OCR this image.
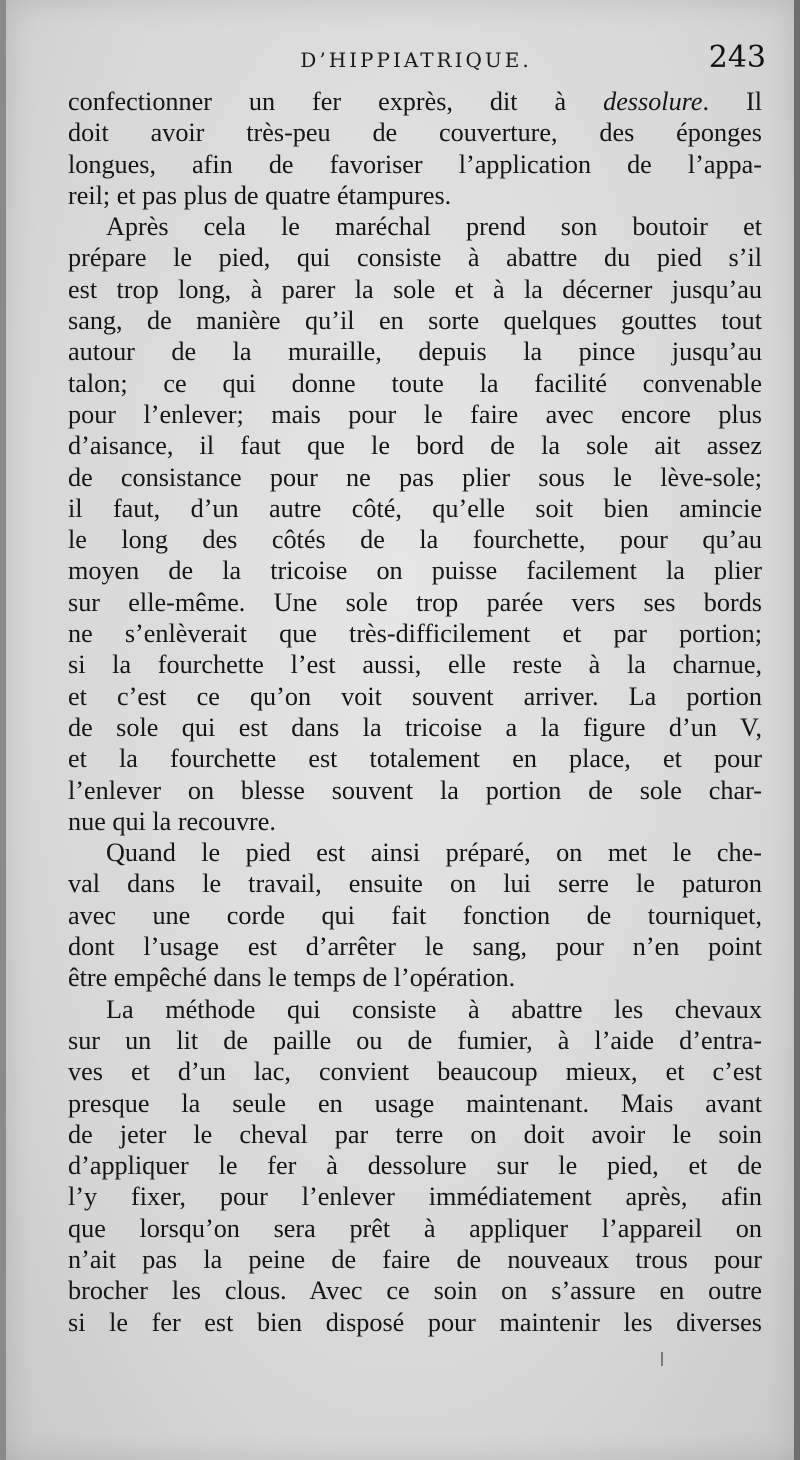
D’HIPPIATRIQUE.	243
confectionner un fer exprès, dit à dessolure. Il
doit avoir très-peu de couverture, des éponges
longues, afin de favoriser l’application de l’appa-
reil; et pas plus de quatre étampures.
Après cela le maréchal prend son boutoir et
prépare le pied, qui consiste à abattre du pied s’il
est trop long, à parer la sole et à la décerner jusqu’au
sang, de manière qu’il en sorte quelques gouttes tout
autour de la muraille, depuis la pince jusqu’au
talon; ce qui donne toute la facilité convenable
pour l’enlever; mais pour le faire avec encore plus
d’aisance, il faut que le bord de la sole ait assez
de consistance pour ne pas plier sous le lève-sole;
il faut, d’un autre côté, qu’elle soit bien amincie
le long des côtés de la fourchette, pour qu’au
moyen de la tricoise on puisse facilement la plier
sur elle-même. Une sole trop parée vers ses bords
ne s’enlèverait que très-difficilement et par portion;
si la fourchette l’est aussi, elle reste à la charnue,
et c’est ce qu’on voit souvent arriver. La portion
de sole qui est dans la tricoise a la figure d’un V,
et la fourchette est totalement en place, et pour
l’enlever on blesse souvent la portion de sole char-
nue qui la recouvre.
Quand le pied est ainsi préparé, on met le che-
val dans le travail, ensuite on lui serre le paturon
avec une corde qui fait fonction de tourniquet,
dont l’usage est d’arrêter le sang, pour n’en point
être empêché dans le temps de l’opération.
La méthode qui consiste à abattre les chevaux
sur un lit de paille ou de fumier, à l’aide d’entra-
ves et d’un lac, convient beaucoup mieux, et c’est
presque la seule en usage maintenant. Mais avant
de jeter le cheval par terre on doit avoir le soin
d’appliquer le fer à dessolure sur le pied, et de
l’y fixer, pour l’enlever immédiatement après, afin
que lorsqu’on sera prêt à appliquer l’appareil on
n’ait pas la peine de faire de nouveaux trous pour
brocher les clous. Avec ce soin on s’assure en outre
si le fer est bien disposé pour maintenir les diverses
